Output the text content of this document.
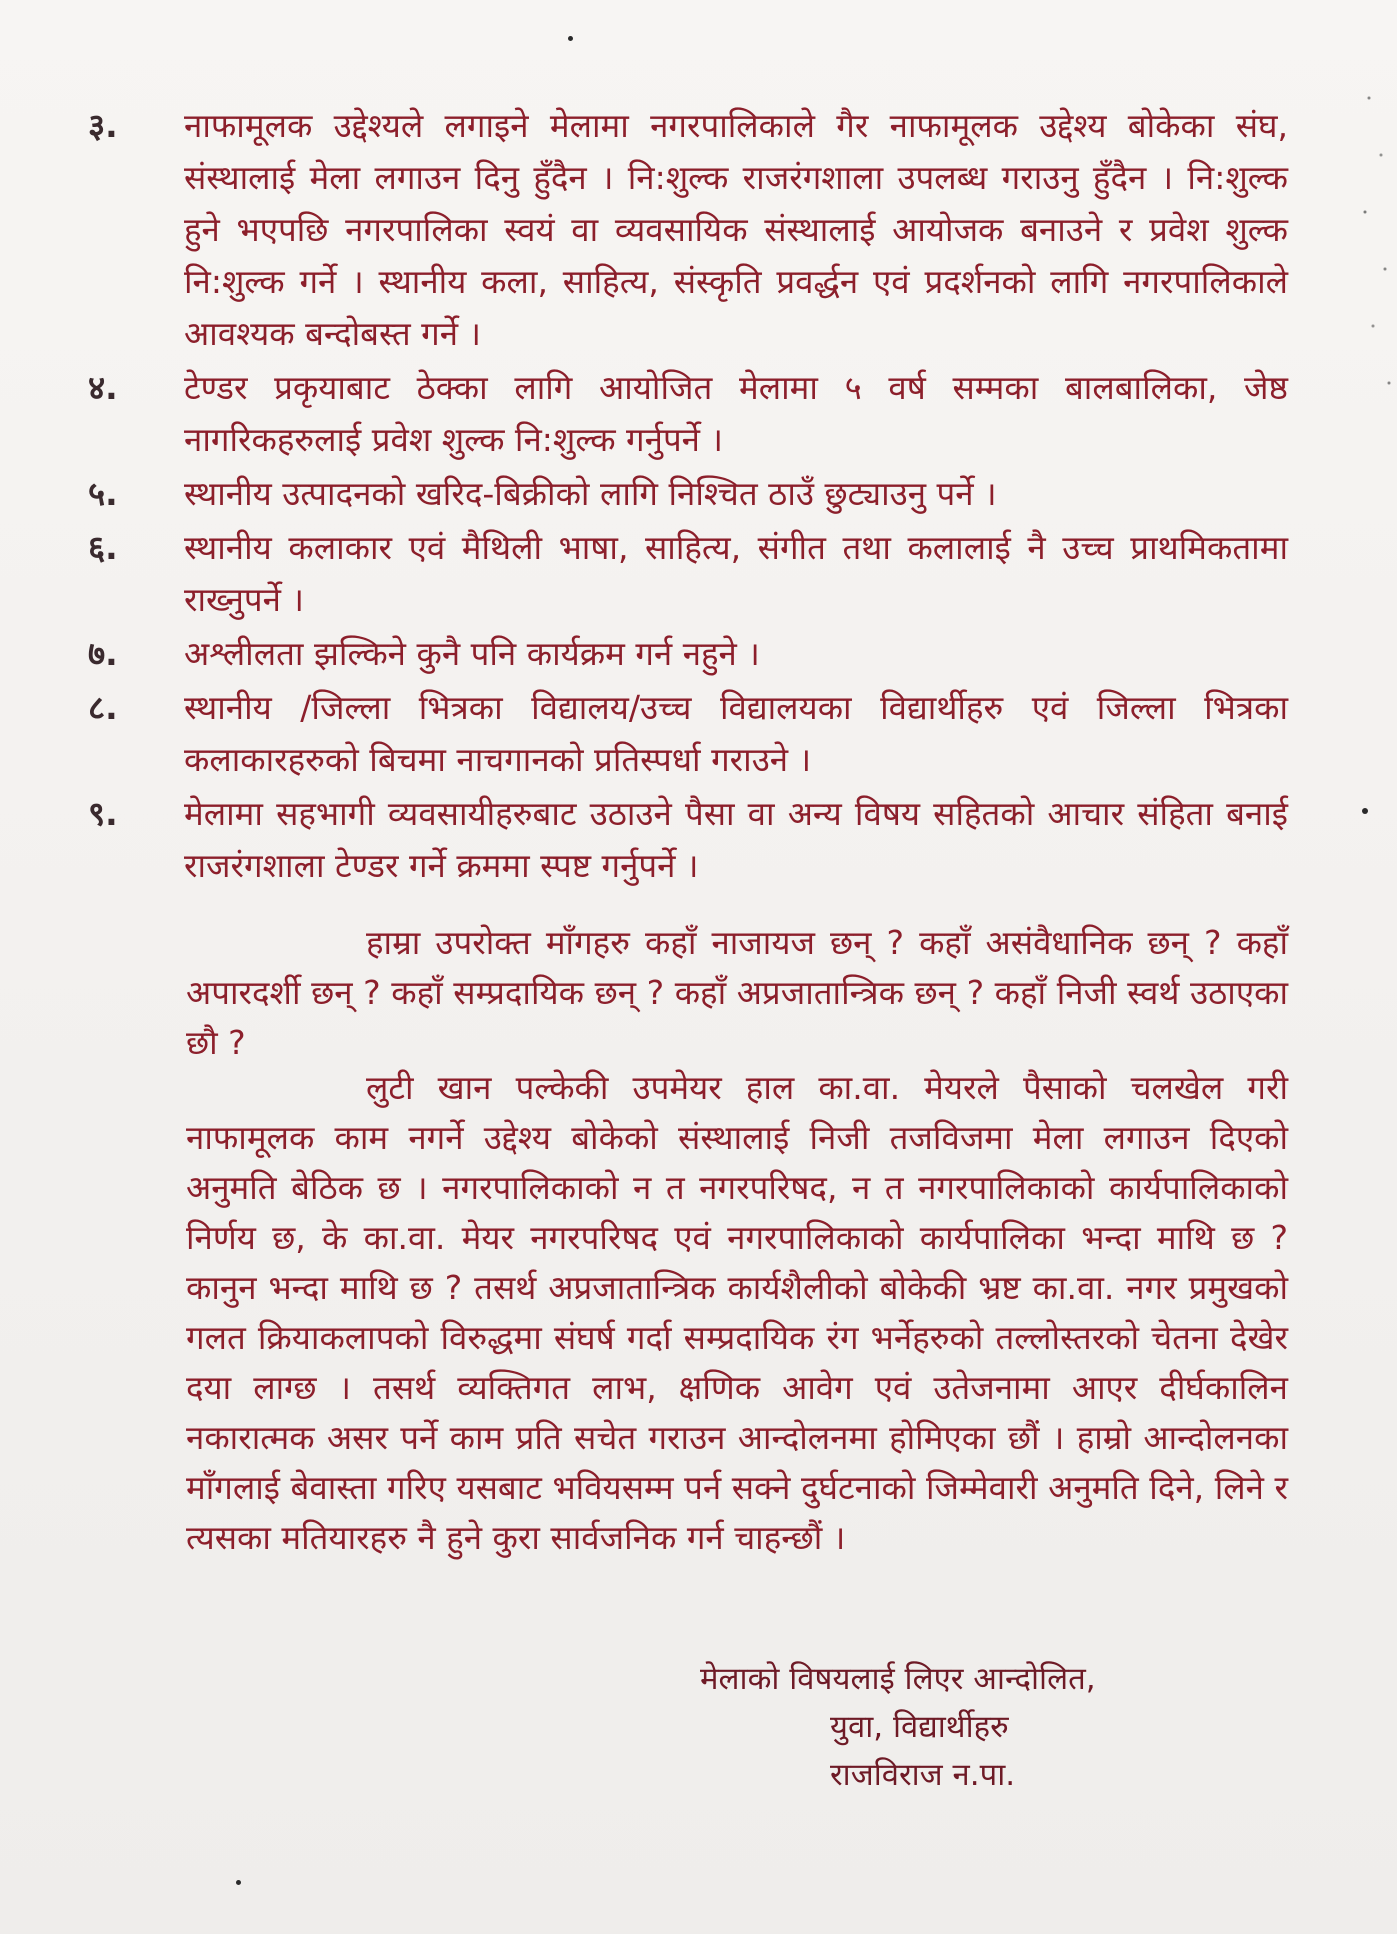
३.	नाफामूलक उद्देश्यले लगाइने मेलामा नगरपालिकाले गैर नाफामूलक उद्देश्य बोकेका संघ, संस्थालाई मेला लगाउन दिनु हुँदैन । नि:शुल्क राजरंगशाला उपलब्ध गराउनु हुँदैन । नि:शुल्क हुने भएपछि नगरपालिका स्वयं वा व्यवसायिक संस्थालाई आयोजक बनाउने र प्रवेश शुल्क नि:शुल्क गर्ने । स्थानीय कला, साहित्य, संस्कृति प्रवर्द्धन एवं प्रदर्शनको लागि नगरपालिकाले आवश्यक बन्दोबस्त गर्ने ।
४.	टेण्डर प्रकृयाबाट ठेक्का लागि आयोजित मेलामा ५ वर्ष सम्मका बालबालिका, जेष्ठ नागरिकहरुलाई प्रवेश शुल्क नि:शुल्क गर्नुपर्ने ।
५.	स्थानीय उत्पादनको खरिद-बिक्रीको लागि निश्चित ठाउँ छुट्याउनु पर्ने ।
६.	स्थानीय कलाकार एवं मैथिली भाषा, साहित्य, संगीत तथा कलालाई नै उच्च प्राथमिकतामा राख्नुपर्ने ।
७.	अश्लीलता झल्किने कुनै पनि कार्यक्रम गर्न नहुने ।
८.	स्थानीय /जिल्ला भित्रका विद्यालय/उच्च विद्यालयका विद्यार्थीहरु एवं जिल्ला भित्रका कलाकारहरुको बिचमा नाचगानको प्रतिस्पर्धा गराउने ।
९.	मेलामा सहभागी व्यवसायीहरुबाट उठाउने पैसा वा अन्य विषय सहितको आचार संहिता बनाई राजरंगशाला टेण्डर गर्ने क्रममा स्पष्ट गर्नुपर्ने ।

हाम्रा उपरोक्त माँगहरु कहाँ नाजायज छन् ? कहाँ असंवैधानिक छन् ? कहाँ अपारदर्शी छन् ? कहाँ सम्प्रदायिक छन् ? कहाँ अप्रजातान्त्रिक छन् ? कहाँ निजी स्वर्थ उठाएका छौ ?

लुटी खान पल्केकी उपमेयर हाल का.वा. मेयरले पैसाको चलखेल गरी नाफामूलक काम नगर्ने उद्देश्य बोकेको संस्थालाई निजी तजविजमा मेला लगाउन दिएको अनुमति बेठिक छ । नगरपालिकाको न त नगरपरिषद, न त नगरपालिकाको कार्यपालिकाको निर्णय छ, के का.वा. मेयर नगरपरिषद एवं नगरपालिकाको कार्यपालिका भन्दा माथि छ ? कानुन भन्दा माथि छ ? तसर्थ अप्रजातान्त्रिक कार्यशैलीको बोकेकी भ्रष्ट का.वा. नगर प्रमुखको गलत क्रियाकलापको विरुद्धमा संघर्ष गर्दा सम्प्रदायिक रंग भर्नेहरुको तल्लोस्तरको चेतना देखेर दया लाग्छ । तसर्थ व्यक्तिगत लाभ, क्षणिक आवेग एवं उतेजनामा आएर दीर्घकालिन नकारात्मक असर पर्ने काम प्रति सचेत गराउन आन्दोलनमा होमिएका छौं । हाम्रो आन्दोलनका माँगलाई बेवास्ता गरिए यसबाट भवियसम्म पर्न सक्ने दुर्घटनाको जिम्मेवारी अनुमति दिने, लिने र त्यसका मतियारहरु नै हुने कुरा सार्वजनिक गर्न चाहन्छौं ।

मेलाको विषयलाई लिएर आन्दोलित,
युवा, विद्यार्थीहरु
राजविराज न.पा.
